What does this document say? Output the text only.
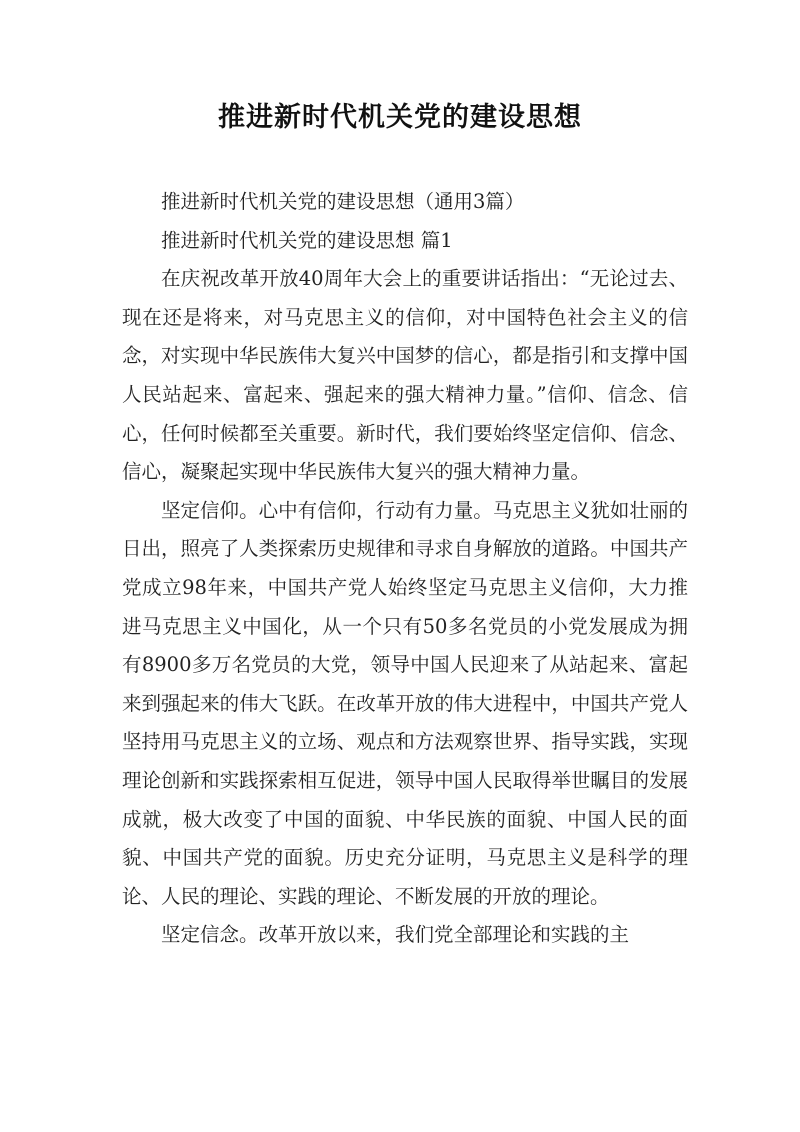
推进新时代机关党的建设思想

推进新时代机关党的建设思想（通用3篇）

推进新时代机关党的建设思想 篇1

在庆祝改革开放40周年大会上的重要讲话指出：“无论过去、现在还是将来，对马克思主义的信仰，对中国特色社会主义的信念，对实现中华民族伟大复兴中国梦的信心，都是指引和支撑中国人民站起来、富起来、强起来的强大精神力量。”信仰、信念、信心，任何时候都至关重要。新时代，我们要始终坚定信仰、信念、信心，凝聚起实现中华民族伟大复兴的强大精神力量。

坚定信仰。心中有信仰，行动有力量。马克思主义犹如壮丽的日出，照亮了人类探索历史规律和寻求自身解放的道路。中国共产党成立98年来，中国共产党人始终坚定马克思主义信仰，大力推进马克思主义中国化，从一个只有50多名党员的小党发展成为拥有8900多万名党员的大党，领导中国人民迎来了从站起来、富起来到强起来的伟大飞跃。在改革开放的伟大进程中，中国共产党人坚持用马克思主义的立场、观点和方法观察世界、指导实践，实现理论创新和实践探索相互促进，领导中国人民取得举世瞩目的发展成就，极大改变了中国的面貌、中华民族的面貌、中国人民的面貌、中国共产党的面貌。历史充分证明，马克思主义是科学的理论、人民的理论、实践的理论、不断发展的开放的理论。

坚定信念。改革开放以来，我们党全部理论和实践的主
